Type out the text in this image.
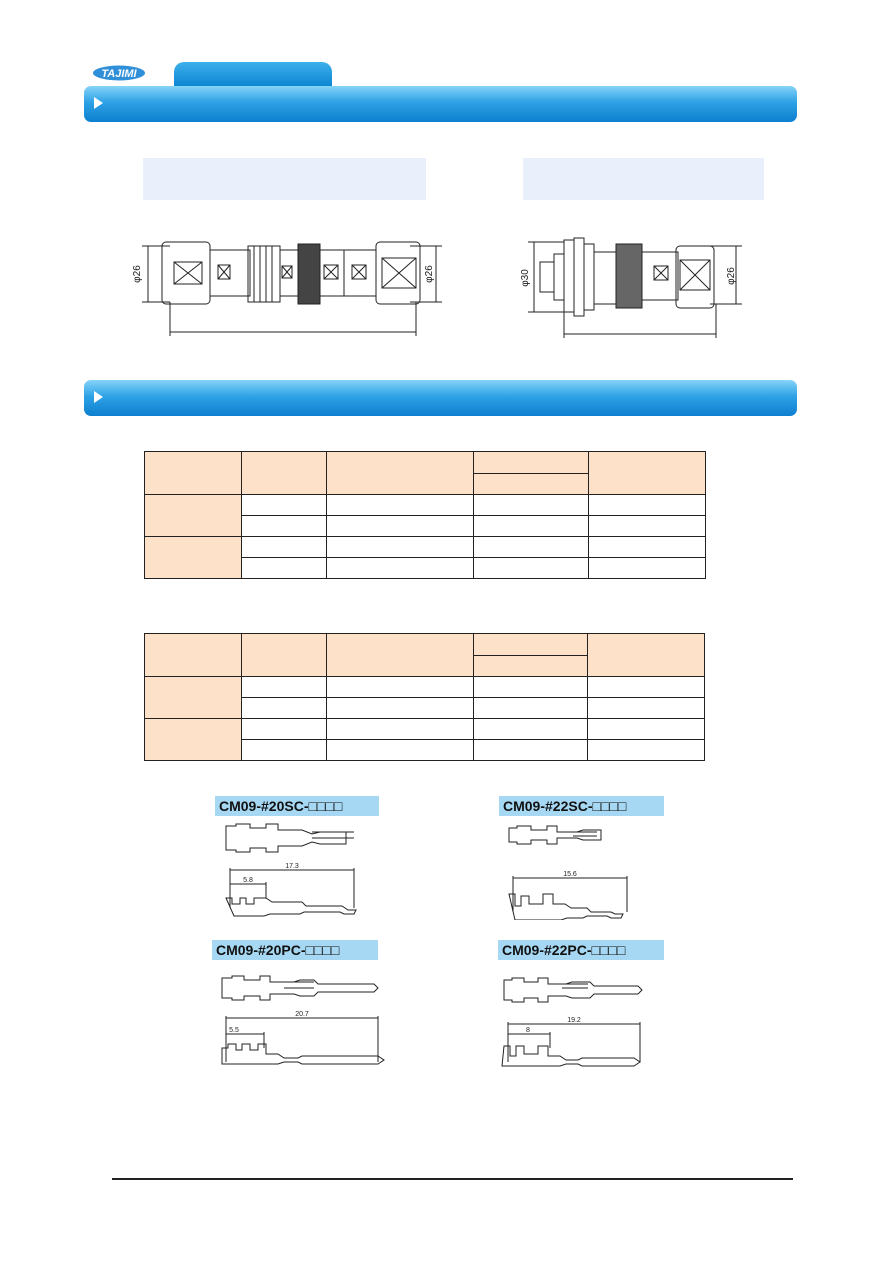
TAJIMI
φ26	φ26	φ30	φ26

CM09-#20SC-□□□□	CM09-#22SC-□□□□
CM09-#20PC-□□□□	CM09-#22PC-□□□□
17.3
5.8
15.6
20.7
5.5
19.2
8
